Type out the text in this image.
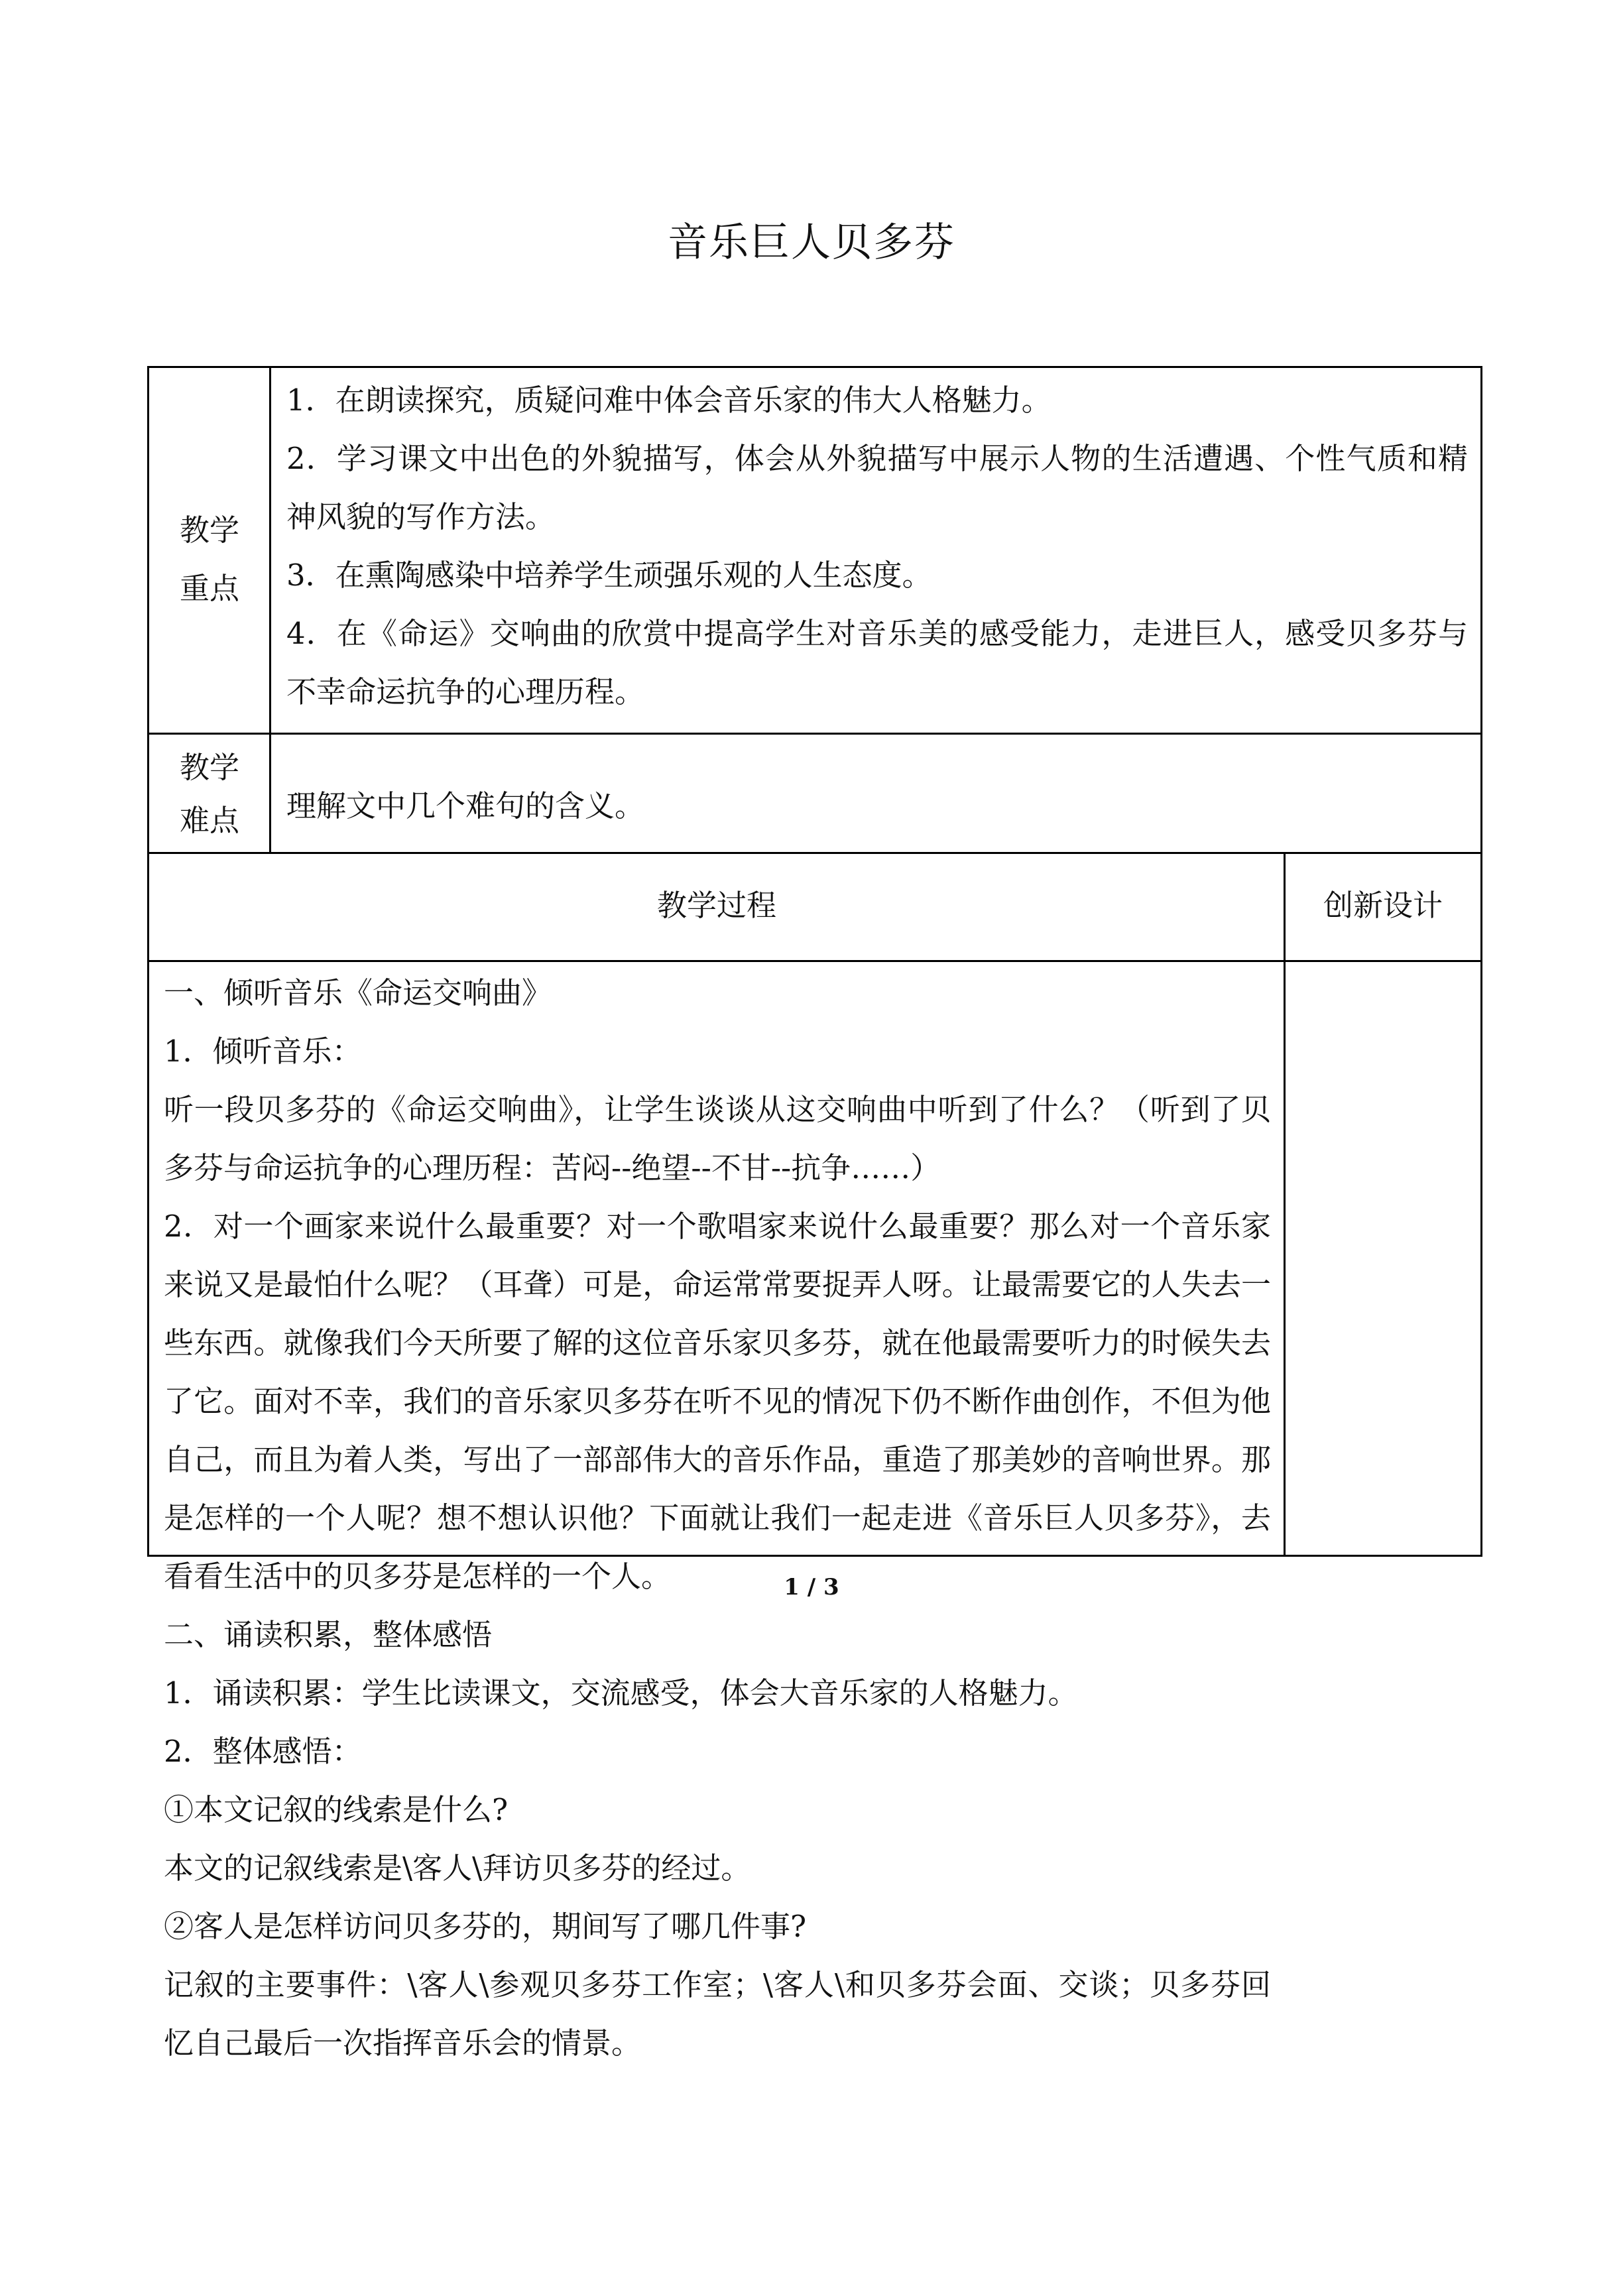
音乐巨人贝多芬
教学
重点

1．在朗读探究，质疑问难中体会音乐家的伟大人格魅力。

2．学习课文中出色的外貌描写，体会从外貌描写中展示人物的生活遭遇、个性气质和精神风貌的写作方法。

3．在熏陶感染中培养学生顽强乐观的人生态度。

4．在《命运》交响曲的欣赏中提高学生对音乐美的感受能力，走进巨人，感受贝多芬与不幸命运抗争的心理历程。

教学
难点	理解文中几个难句的含义。

教学过程	创新设计

一、倾听音乐《命运交响曲》

1．倾听音乐：

听一段贝多芬的《命运交响曲》，让学生谈谈从这交响曲中听到了什么？（听到了贝多芬与命运抗争的心理历程：苦闷--绝望--不甘--抗争……）

2．对一个画家来说什么最重要？对一个歌唱家来说什么最重要？那么对一个音乐家来说又是最怕什么呢？（耳聋）可是，命运常常要捉弄人呀。让最需要它的人失去一些东西。就像我们今天所要了解的这位音乐家贝多芬，就在他最需要听力的时候失去了它。面对不幸，我们的音乐家贝多芬在听不见的情况下仍不断作曲创作，不但为他自己，而且为着人类，写出了一部部伟大的音乐作品，重造了那美妙的音响世界。那是怎样的一个人呢？想不想认识他？下面就让我们一起走进《音乐巨人贝多芬》，去看看生活中的贝多芬是怎样的一个人。

二、诵读积累，整体感悟

1．诵读积累：学生比读课文，交流感受，体会大音乐家的人格魅力。

2．整体感悟：

①本文记叙的线索是什么?

本文的记叙线索是\客人\拜访贝多芬的经过。

②客人是怎样访问贝多芬的，期间写了哪几件事?

记叙的主要事件：\客人\参观贝多芬工作室；\客人\和贝多芬会面、交谈；贝多芬回忆自己最后一次指挥音乐会的情景。

1 / 3
